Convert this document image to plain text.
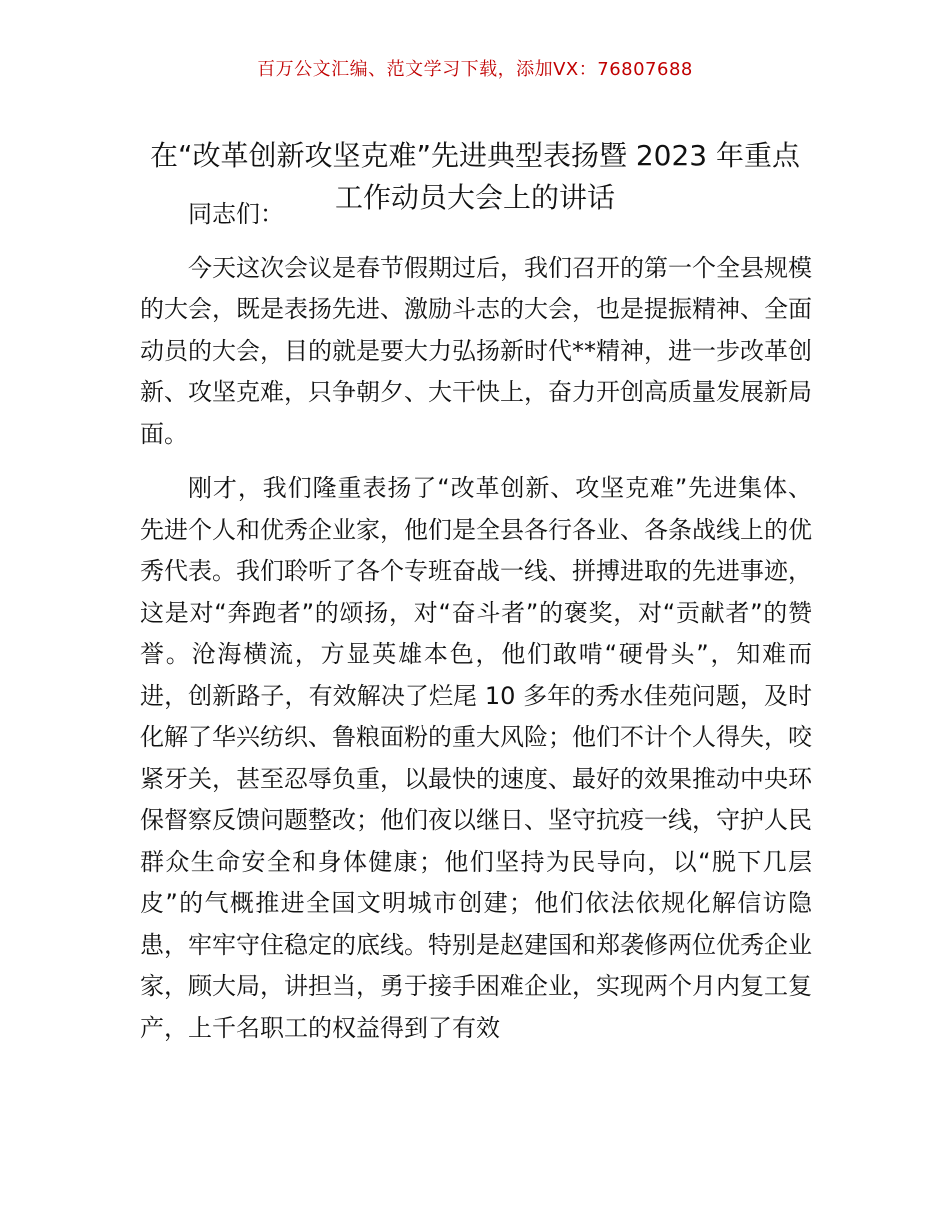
百万公文汇编、范文学习下载，添加VX：76807688
在“改革创新攻坚克难”先进典型表扬暨 2023 年重点工作动员大会上的讲话

同志们：

今天这次会议是春节假期过后，我们召开的第一个全县规模的大会，既是表扬先进、激励斗志的大会，也是提振精神、全面动员的大会，目的就是要大力弘扬新时代**精神，进一步改革创新、攻坚克难，只争朝夕、大干快上，奋力开创高质量发展新局面。

刚才，我们隆重表扬了“改革创新、攻坚克难”先进集体、先进个人和优秀企业家，他们是全县各行各业、各条战线上的优秀代表。我们聆听了各个专班奋战一线、拼搏进取的先进事迹，这是对“奔跑者”的颂扬，对“奋斗者”的褒奖，对“贡献者”的赞誉。沧海横流，方显英雄本色，他们敢啃“硬骨头”，知难而进，创新路子，有效解决了烂尾 10 多年的秀水佳苑问题，及时化解了华兴纺织、鲁粮面粉的重大风险；他们不计个人得失，咬紧牙关，甚至忍辱负重，以最快的速度、最好的效果推动中央环保督察反馈问题整改；他们夜以继日、坚守抗疫一线，守护人民群众生命安全和身体健康；他们坚持为民导向，以“脱下几层皮”的气概推进全国文明城市创建；他们依法依规化解信访隐患，牢牢守住稳定的底线。特别是赵建国和郑袭修两位优秀企业家，顾大局，讲担当，勇于接手困难企业，实现两个月内复工复产，上千名职工的权益得到了有效
